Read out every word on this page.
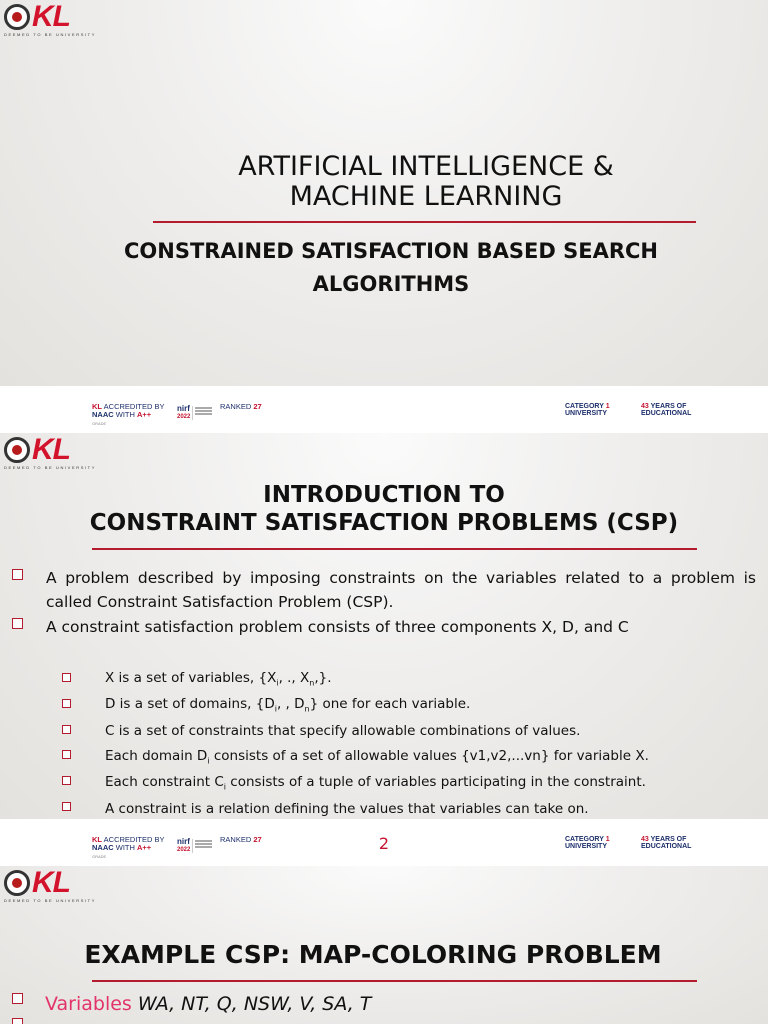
KL
DEEMED TO BE UNIVERSITY
ARTIFICIAL INTELLIGENCE &
MACHINE LEARNING
CONSTRAINED SATISFACTION BASED SEARCH
ALGORITHMS
KL ACCREDITED BY
NAAC WITH A++
GRADE
nirf
2022
RANKED 27	CATEGORY 1
UNIVERSITY
43 YEARS OF
EDUCATIONAL
KL
DEEMED TO BE UNIVERSITY
INTRODUCTION TO
CONSTRAINT SATISFACTION PROBLEMS (CSP)
A problem described by imposing constraints on the variables related to a problem is called Constraint Satisfaction Problem (CSP).
A constraint satisfaction problem consists of three components X, D, and C
X is a set of variables, {$X_i$, ., $X_n$,}.
D is a set of domains, {$D_i$, , $D_n$} one for each variable.
C is a set of constraints that specify allowable combinations of values.
Each domain $D_i$ consists of a set of allowable values {v1,v2,...vn} for variable X.
Each constraint $C_i$ consists of a tuple of variables participating in the constraint.
A constraint is a relation defining the values that variables can take on.
KL ACCREDITED BY
NAAC WITH A++
GRADE
nirf
2022
RANKED 27	2	CATEGORY 1
UNIVERSITY
43 YEARS OF
EDUCATIONAL
KL
DEEMED TO BE UNIVERSITY
EXAMPLE CSP: MAP-COLORING PROBLEM
Variables WA, NT, Q, NSW, V, SA, T
